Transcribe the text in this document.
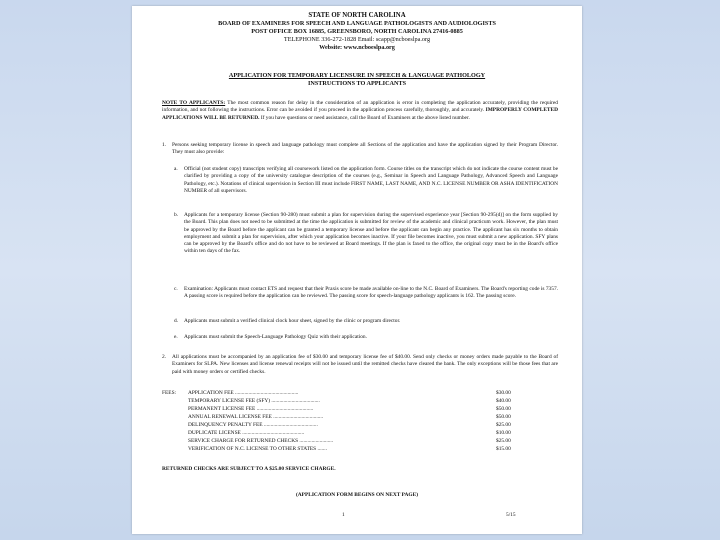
STATE OF NORTH CAROLINA
BOARD OF EXAMINERS FOR SPEECH AND LANGUAGE PATHOLOGISTS AND AUDIOLOGISTS
POST OFFICE BOX 16885, GREENSBORO, NORTH CAROLINA 27416-0885
TELEPHONE 336-272-1828 Email: scapp@ncboeslpa.org
Website: www.ncboeslpa.org
APPLICATION FOR TEMPORARY LICENSURE IN SPEECH & LANGUAGE PATHOLOGY
INSTRUCTIONS TO APPLICANTS
NOTE TO APPLICANTS: The most common reason for delay in the consideration of an application is error in completing the application accurately, providing the required information, and not following the instructions. Error can be avoided if you proceed in the application process carefully, thoroughly, and accurately. IMPROPERLY COMPLETED APPLICATIONS WILL BE RETURNED. If you have questions or need assistance, call the Board of Examiners at the above listed number.
1. Persons seeking temporary license in speech and language pathology must complete all Sections of the application and have the application signed by their Program Director. They must also provide:
a. Official (not student copy) transcripts verifying all coursework listed on the application form. Course titles on the transcript which do not indicate the course content must be clarified by providing a copy of the university catalogue description of the courses (e.g., Seminar in Speech and Language Pathology, Advanced Speech and Language Pathology, etc.). Notations of clinical supervision in Section III must include FIRST NAME, LAST NAME, AND N.C. LICENSE NUMBER OR ASHA IDENTIFICATION NUMBER of all supervisors.
b. Applicants for a temporary license (Section 90-280) must submit a plan for supervision during the supervised experience year [Section 90-295(d)] on the form supplied by the Board. This plan does not need to be submitted at the time the application is submitted for review of the academic and clinical practicum work. However, the plan must be approved by the Board before the applicant can be granted a temporary license and before the applicant can begin any practice. The applicant has six months to obtain employment and submit a plan for supervision, after which your application becomes inactive. If your file becomes inactive, you must submit a new application. SFY plans can be approved by the Board's office and do not have to be reviewed at Board meetings. If the plan is faxed to the office, the original copy must be in the Board's office within ten days of the fax.
c. Examination: Applicants must contact ETS and request that their Praxis score be made available on-line to the N.C. Board of Examiners. The Board's reporting code is 7357. A passing score is required before the application can be reviewed. The passing score for speech-language pathology applicants is 162. The passing score.
d. Applicants must submit a verified clinical clock hour sheet, signed by the clinic or program director.
e. Applicants must submit the Speech-Language Pathology Quiz with their application.
2. All applications must be accompanied by an application fee of $30.00 and temporary license fee of $40.00. Send only checks or money orders made payable to the Board of Examiners for SLPA. New licenses and license renewal receipts will not be issued until the remitted checks have cleared the bank. The only exceptions will be those fees that are paid with money orders or certified checks.
FEES: APPLICATION FEE ...............................................	$30.00
TEMPORARY LICENSE FEE (SFY) ....................................	$40.00
PERMANENT LICENSE FEE ..........................................	$50.00
ANNUAL RENEWAL LICENSE FEE .....................................	$50.00
DELINQUENCY PENALTY FEE ........................................	$25.00
DUPLICATE LICENSE ..............................................	$10.00
SERVICE CHARGE FOR RETURNED CHECKS .........................	$25.00
VERIFICATION OF N.C. LICENSE TO OTHER STATES .......	$15.00
RETURNED CHECKS ARE SUBJECT TO A $25.00 SERVICE CHARGE.
(APPLICATION FORM BEGINS ON NEXT PAGE)
1	5/15
